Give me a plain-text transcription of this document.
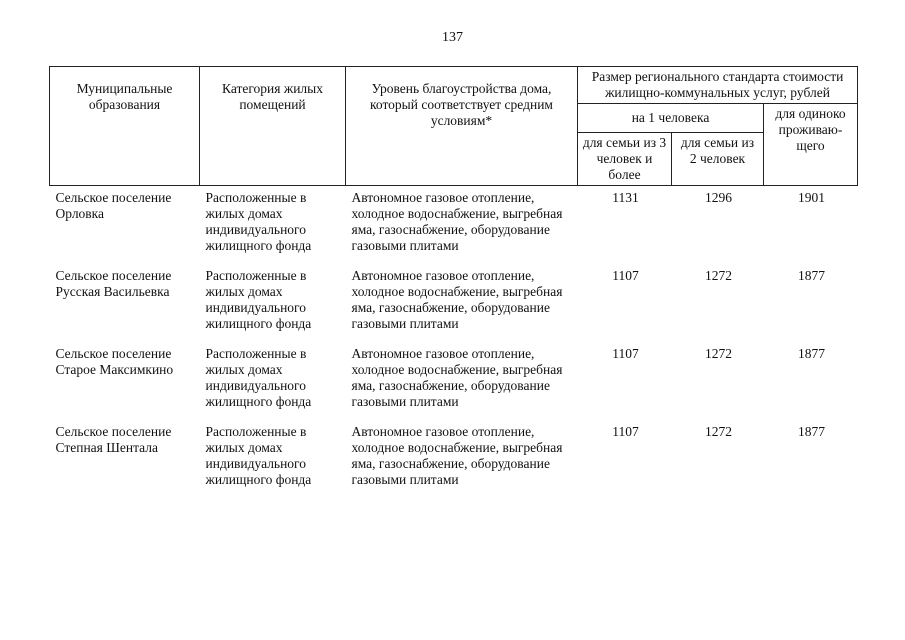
137
Муниципальные образования	Категория жилых помещений	Уровень благоустройства дома, который соответствует средним условиям*	Размер регионального стандарта стоимости жилищно-коммунальных услуг, рублей		
			на 1 человека		для одиноко проживаю-щего
			для семьи из 3 человек и более	для семьи из 2 человек	
Сельское поселение Орловка	Расположенные в жилых домах индивидуального жилищного фонда	Автономное газовое отопление, холодное водоснабжение, выгребная яма, газоснабжение, оборудование газовыми плитами	1131	1296	1901
Сельское поселение Русская Васильевка	Расположенные в жилых домах индивидуального жилищного фонда	Автономное газовое отопление, холодное водоснабжение, выгребная яма, газоснабжение, оборудование газовыми плитами	1107	1272	1877
Сельское поселение Старое Максимкино	Расположенные в жилых домах индивидуального жилищного фонда	Автономное газовое отопление, холодное водоснабжение, выгребная яма, газоснабжение, оборудование газовыми плитами	1107	1272	1877
Сельское поселение Степная Шентала	Расположенные в жилых домах индивидуального жилищного фонда	Автономное газовое отопление, холодное водоснабжение, выгребная яма, газоснабжение, оборудование газовыми плитами	1107	1272	1877
